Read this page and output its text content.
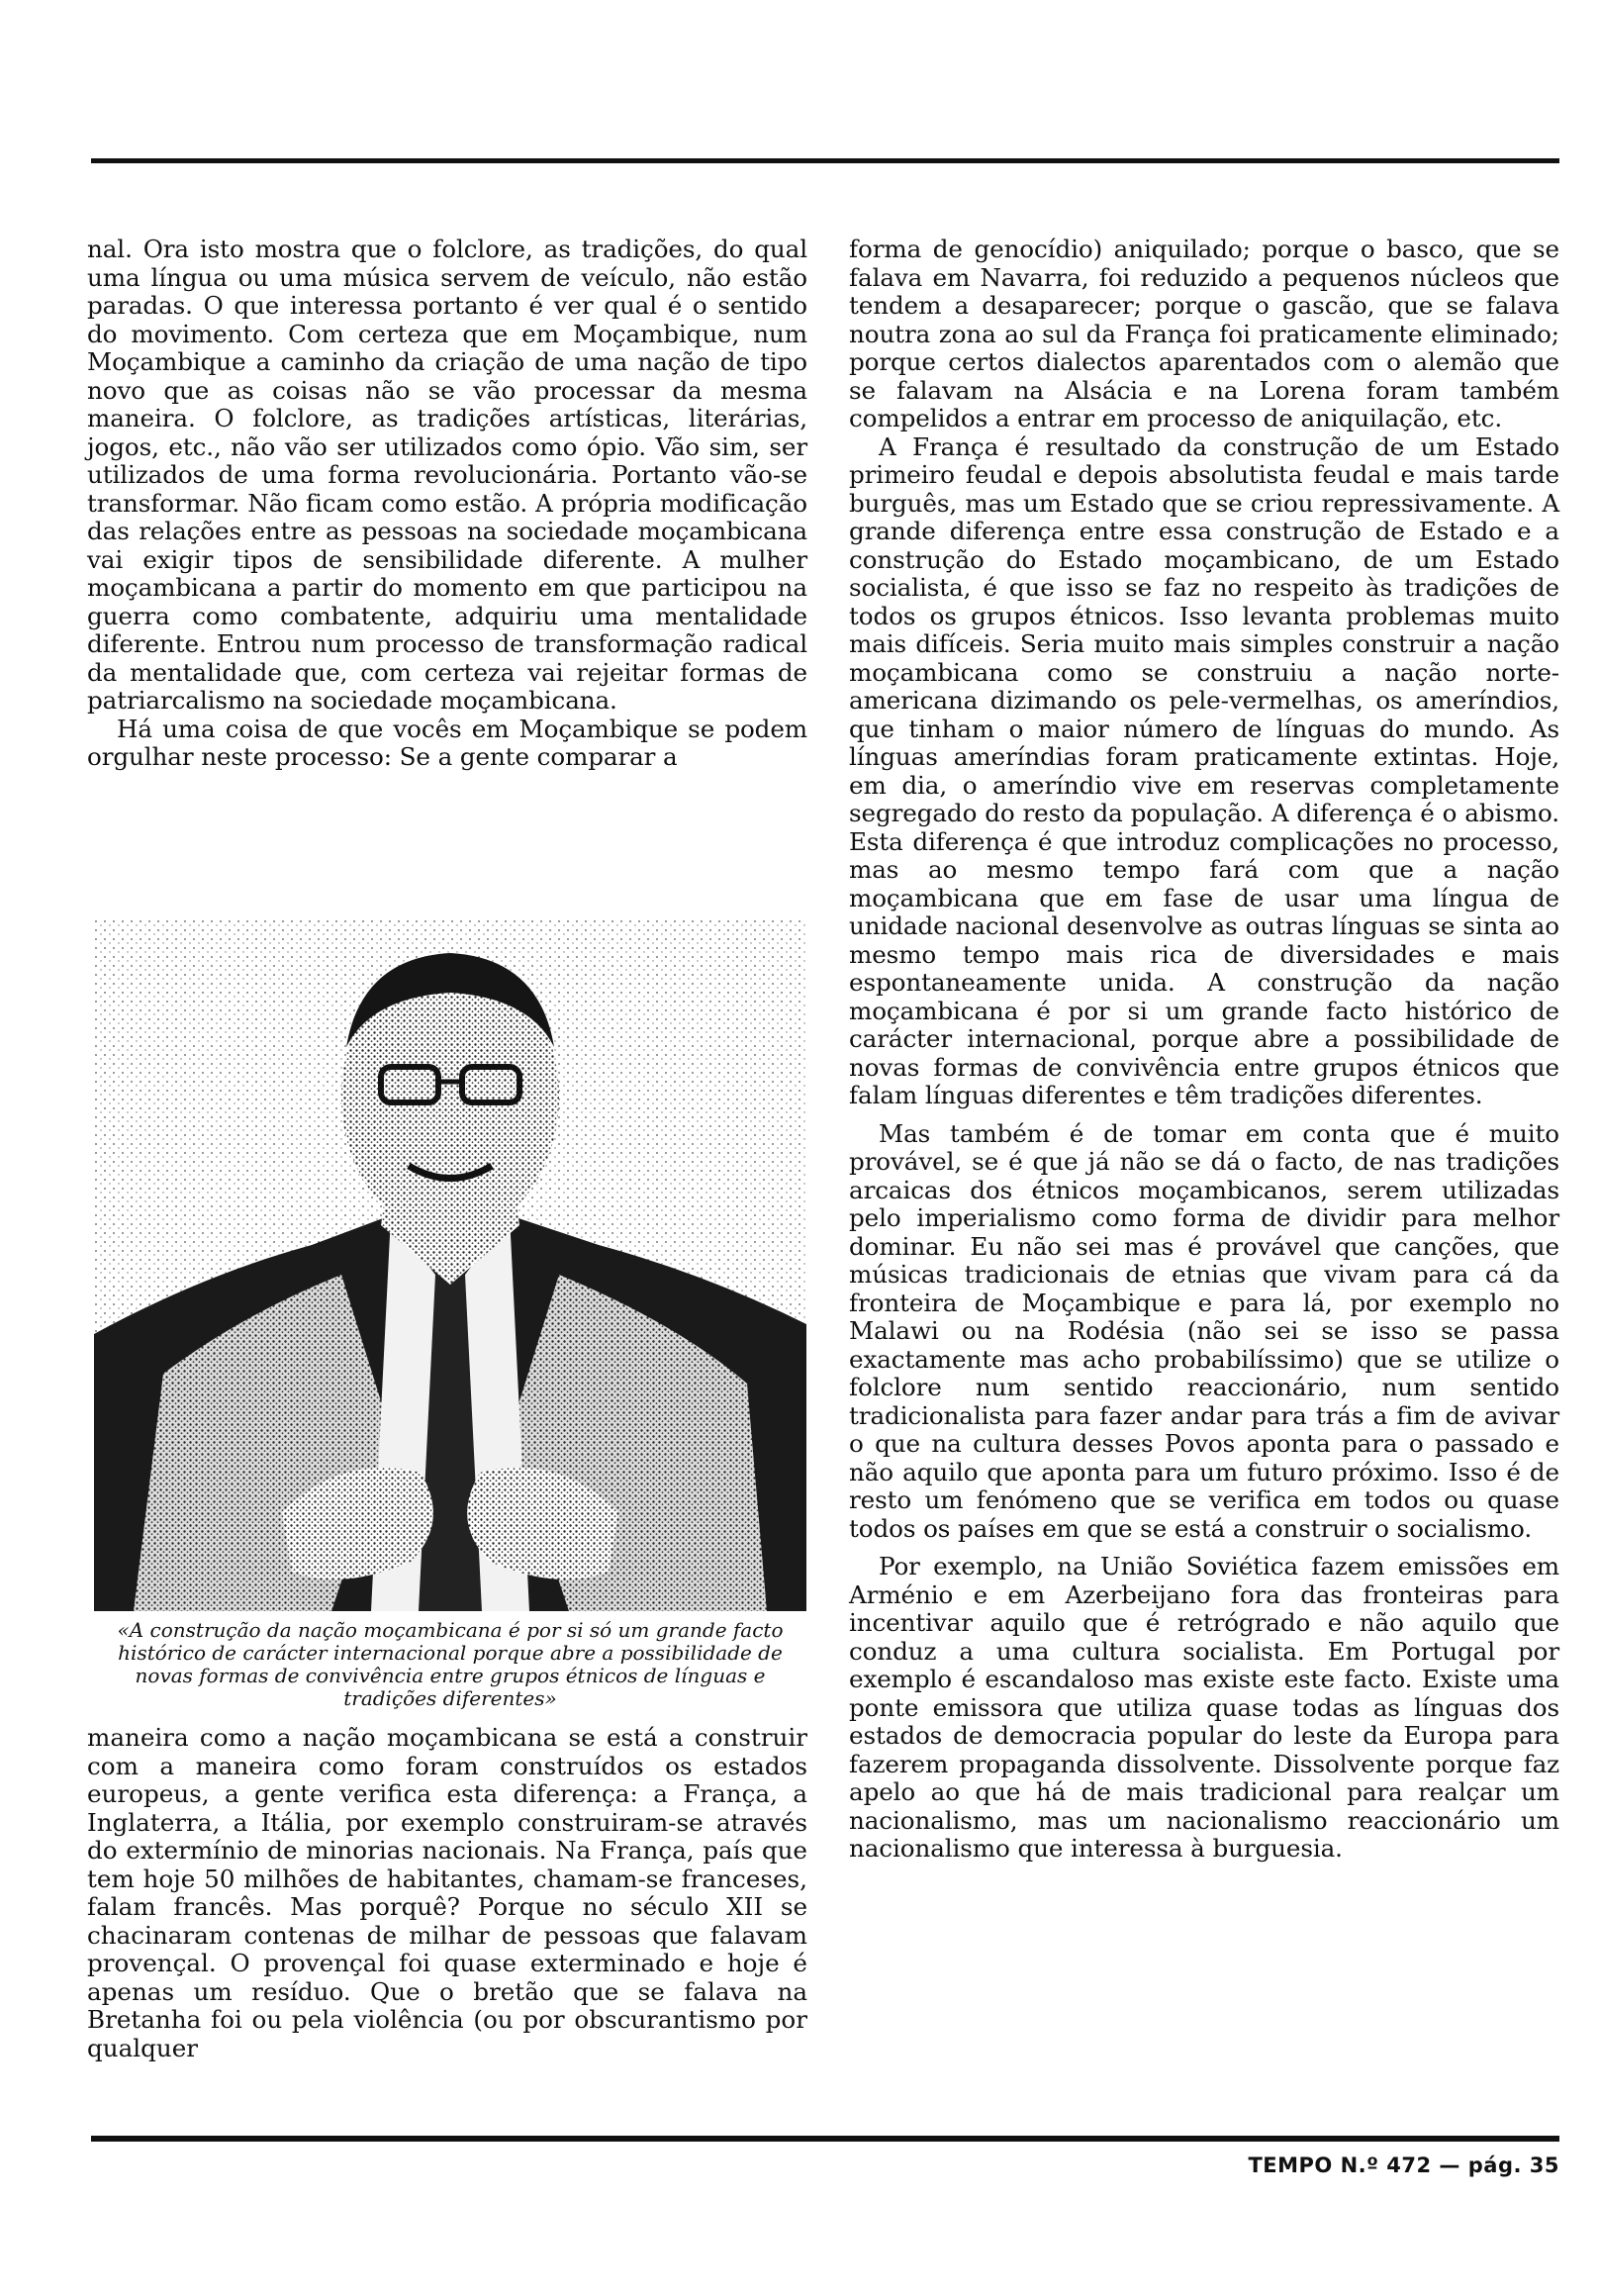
nal. Ora isto mostra que o folclore, as tradições, do qual uma língua ou uma música servem de veículo, não estão paradas. O que interessa portanto é ver qual é o sentido do movimento. Com certeza que em Moçambique, num Moçambique a caminho da criação de uma nação de tipo novo que as coisas não se vão processar da mesma maneira. O folclore, as tradições artísticas, literárias, jogos, etc., não vão ser utilizados como ópio. Vão sim, ser utilizados de uma forma revolucionária. Portanto vão-se transformar. Não ficam como estão. A própria modificação das relações entre as pessoas na sociedade moçambicana vai exigir tipos de sensibilidade diferente. A mulher moçambicana a partir do momento em que participou na guerra como combatente, adquiriu uma mentalidade diferente. Entrou num processo de transformação radical da mentalidade que, com certeza vai rejeitar formas de patriarcalismo na sociedade moçambicana.

Há uma coisa de que vocês em Moçambique se podem orgulhar neste processo: Se a gente comparar a

«A construção da nação moçambicana é por si só um grande facto histórico de carácter internacional porque abre a possibilidade de novas formas de convivência entre grupos étnicos de línguas e tradições diferentes»

maneira como a nação moçambicana se está a construir com a maneira como foram construídos os estados europeus, a gente verifica esta diferença: a França, a Inglaterra, a Itália, por exemplo construiram-se através do extermínio de minorias nacionais. Na França, país que tem hoje 50 milhões de habitantes, chamam-se franceses, falam francês. Mas porquê? Porque no século XII se chacinaram contenas de milhar de pessoas que falavam provençal. O provençal foi quase exterminado e hoje é apenas um resíduo. Que o bretão que se falava na Bretanha foi ou pela violência (ou por obscurantismo por qualquer

forma de genocídio) aniquilado; porque o basco, que se falava em Navarra, foi reduzido a pequenos núcleos que tendem a desaparecer; porque o gascão, que se falava noutra zona ao sul da França foi praticamente eliminado; porque certos dialectos aparentados com o alemão que se falavam na Alsácia e na Lorena foram também compelidos a entrar em processo de aniquilação, etc.

A França é resultado da construção de um Estado primeiro feudal e depois absolutista feudal e mais tarde burguês, mas um Estado que se criou repressivamente. A grande diferença entre essa construção de Estado e a construção do Estado moçambicano, de um Estado socialista, é que isso se faz no respeito às tradições de todos os grupos étnicos. Isso levanta problemas muito mais difíceis. Seria muito mais simples construir a nação moçambicana como se construiu a nação norte-americana dizimando os pele-vermelhas, os ameríndios, que tinham o maior número de línguas do mundo. As línguas ameríndias foram praticamente extintas. Hoje, em dia, o ameríndio vive em reservas completamente segregado do resto da população. A diferença é o abismo. Esta diferença é que introduz complicações no processo, mas ao mesmo tempo fará com que a nação moçambicana que em fase de usar uma língua de unidade nacional desenvolve as outras línguas se sinta ao mesmo tempo mais rica de diversidades e mais espontaneamente unida. A construção da nação moçambicana é por si um grande facto histórico de carácter internacional, porque abre a possibilidade de novas formas de convivência entre grupos étnicos que falam línguas diferentes e têm tradições diferentes.

Mas também é de tomar em conta que é muito provável, se é que já não se dá o facto, de nas tradições arcaicas dos étnicos moçambicanos, serem utilizadas pelo imperialismo como forma de dividir para melhor dominar. Eu não sei mas é provável que canções, que músicas tradicionais de etnias que vivam para cá da fronteira de Moçambique e para lá, por exemplo no Malawi ou na Rodésia (não sei se isso se passa exactamente mas acho probabilíssimo) que se utilize o folclore num sentido reaccionário, num sentido tradicionalista para fazer andar para trás a fim de avivar o que na cultura desses Povos aponta para o passado e não aquilo que aponta para um futuro próximo. Isso é de resto um fenómeno que se verifica em todos ou quase todos os países em que se está a construir o socialismo.

Por exemplo, na União Soviética fazem emissões em Arménio e em Azerbeijano fora das fronteiras para incentivar aquilo que é retrógrado e não aquilo que conduz a uma cultura socialista. Em Portugal por exemplo é escandaloso mas existe este facto. Existe uma ponte emissora que utiliza quase todas as línguas dos estados de democracia popular do leste da Europa para fazerem propaganda dissolvente. Dissolvente porque faz apelo ao que há de mais tradicional para realçar um nacionalismo, mas um nacionalismo reaccionário um nacionalismo que interessa à burguesia.

TEMPO N.º 472 — pág. 35
